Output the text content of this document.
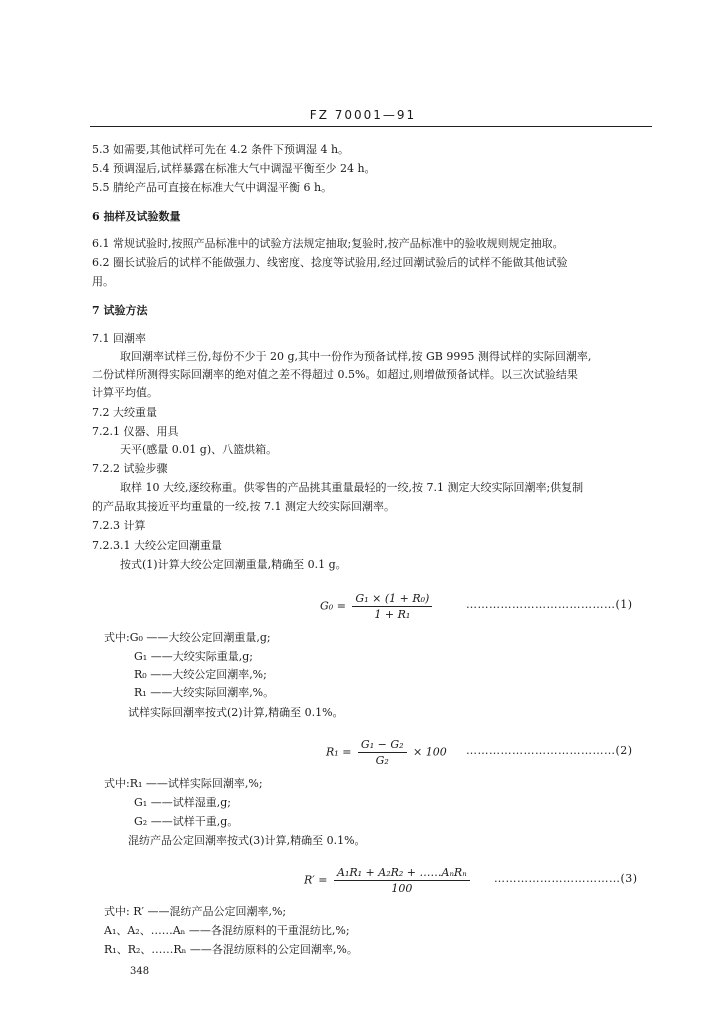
FZ 70001—91
5.3 如需要,其他试样可先在 4.2 条件下预调湿 4 h。
5.4 预调湿后,试样暴露在标准大气中调湿平衡至少 24 h。
5.5 腈纶产品可直接在标准大气中调湿平衡 6 h。
6 抽样及试验数量
6.1 常规试验时,按照产品标准中的试验方法规定抽取;复验时,按产品标准中的验收规则规定抽取。
6.2 圈长试验后的试样不能做强力、线密度、捻度等试验用,经过回潮试验后的试样不能做其他试验
用。
7 试验方法
7.1 回潮率
取回潮率试样三份,每份不少于 20 g,其中一份作为预备试样,按 GB 9995 测得试样的实际回潮率,
二份试样所测得实际回潮率的绝对值之差不得超过 0.5%。如超过,则增做预备试样。以三次试验结果
计算平均值。
7.2 大绞重量
7.2.1 仪器、用具
天平(感量 0.01 g)、八篮烘箱。
7.2.2 试验步骤
取样 10 大绞,逐绞称重。供零售的产品挑其重量最轻的一绞,按 7.1 测定大绞实际回潮率;供复制
的产品取其接近平均重量的一绞,按 7.1 测定大绞实际回潮率。
7.2.3 计算
7.2.3.1 大绞公定回潮重量
按式(1)计算大绞公定回潮重量,精确至 0.1 g。
$G_0 = \frac{\text{G₁ × (1 + R₀)}}{\text{1 + R₁}}$	…………………………………(1)
式中:G₀ ——大绞公定回潮重量,g;
G₁ ——大绞实际重量,g;
R₀ ——大绞公定回潮率,%;
R₁ ——大绞实际回潮率,%。
试样实际回潮率按式(2)计算,精确至 0.1%。
$R_1 = \frac{\text{G₁ − G₂}}{\text{G₂}} \times 100$ …………………………………(2)
式中:R₁ ——试样实际回潮率,%;
G₁ ——试样湿重,g;
G₂ ——试样干重,g。
混纺产品公定回潮率按式(3)计算,精确至 0.1%。
$R' = \frac{\text{A₁R₁ + A₂R₂ + ……AₙRₙ}}{100}$ ……………………………(3)
式中: R′ ——混纺产品公定回潮率,%;
A₁、A₂、……Aₙ ——各混纺原料的干重混纺比,%;
R₁、R₂、……Rₙ ——各混纺原料的公定回潮率,%。
348
